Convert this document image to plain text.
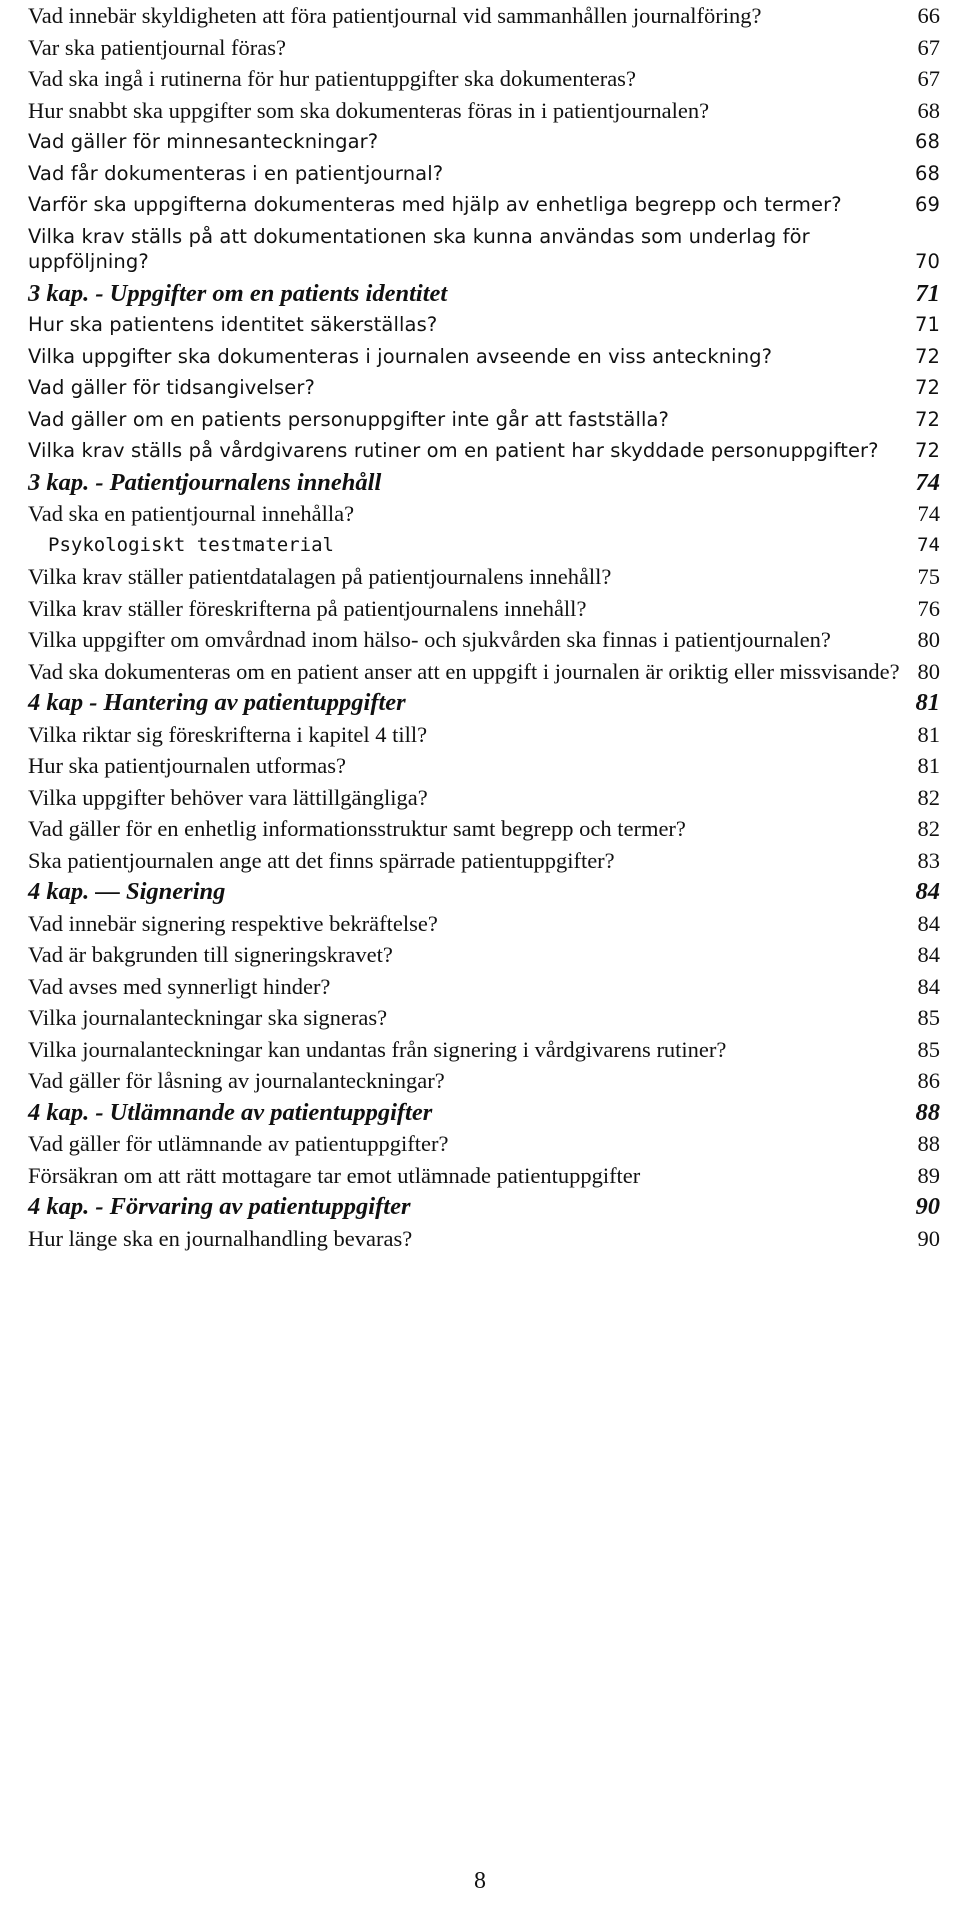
Vad innebär skyldigheten att föra patientjournal vid sammanhållen journalföring?	66
Var ska patientjournal föras?	67
Vad ska ingå i rutinerna för hur patientuppgifter ska dokumenteras?	67
Hur snabbt ska uppgifter som ska dokumenteras föras in i patientjournalen?	68
Vad gäller för minnesanteckningar?	68
Vad får dokumenteras i en patientjournal?	68
Varför ska uppgifterna dokumenteras med hjälp av enhetliga begrepp och termer?	69
Vilka krav ställs på att dokumentationen ska kunna användas som underlag för uppföljning?	70
3 kap. - Uppgifter om en patients identitet	71
Hur ska patientens identitet säkerställas?	71
Vilka uppgifter ska dokumenteras i journalen avseende en viss anteckning?	72
Vad gäller för tidsangivelser?	72
Vad gäller om en patients personuppgifter inte går att fastställa?	72
Vilka krav ställs på vårdgivarens rutiner om en patient har skyddade personuppgifter?	72
3 kap. - Patientjournalens innehåll	74
Vad ska en patientjournal innehålla?	74
Psykologiskt testmaterial	74
Vilka krav ställer patientdatalagen på patientjournalens innehåll?	75
Vilka krav ställer föreskrifterna på patientjournalens innehåll?	76
Vilka uppgifter om omvårdnad inom hälso- och sjukvården ska finnas i patientjournalen?	80
Vad ska dokumenteras om en patient anser att en uppgift i journalen är oriktig eller missvisande? 80
4 kap - Hantering av patientuppgifter	81
Vilka riktar sig föreskrifterna i kapitel 4 till?	81
Hur ska patientjournalen utformas?	81
Vilka uppgifter behöver vara lättillgängliga?	82
Vad gäller för en enhetlig informationsstruktur samt begrepp och termer?	82
Ska patientjournalen ange att det finns spärrade patientuppgifter?	83
4 kap. — Signering	84
Vad innebär signering respektive bekräftelse?	84
Vad är bakgrunden till signeringskravet?	84
Vad avses med synnerligt hinder?	84
Vilka journalanteckningar ska signeras?	85
Vilka journalanteckningar kan undantas från signering i vårdgivarens rutiner?	85
Vad gäller för låsning av journalanteckningar?	86
4 kap. - Utlämnande av patientuppgifter	88
Vad gäller för utlämnande av patientuppgifter?	88
Försäkran om att rätt mottagare tar emot utlämnade patientuppgifter	89
4 kap. - Förvaring av patientuppgifter	90
Hur länge ska en journalhandling bevaras?	90
8
